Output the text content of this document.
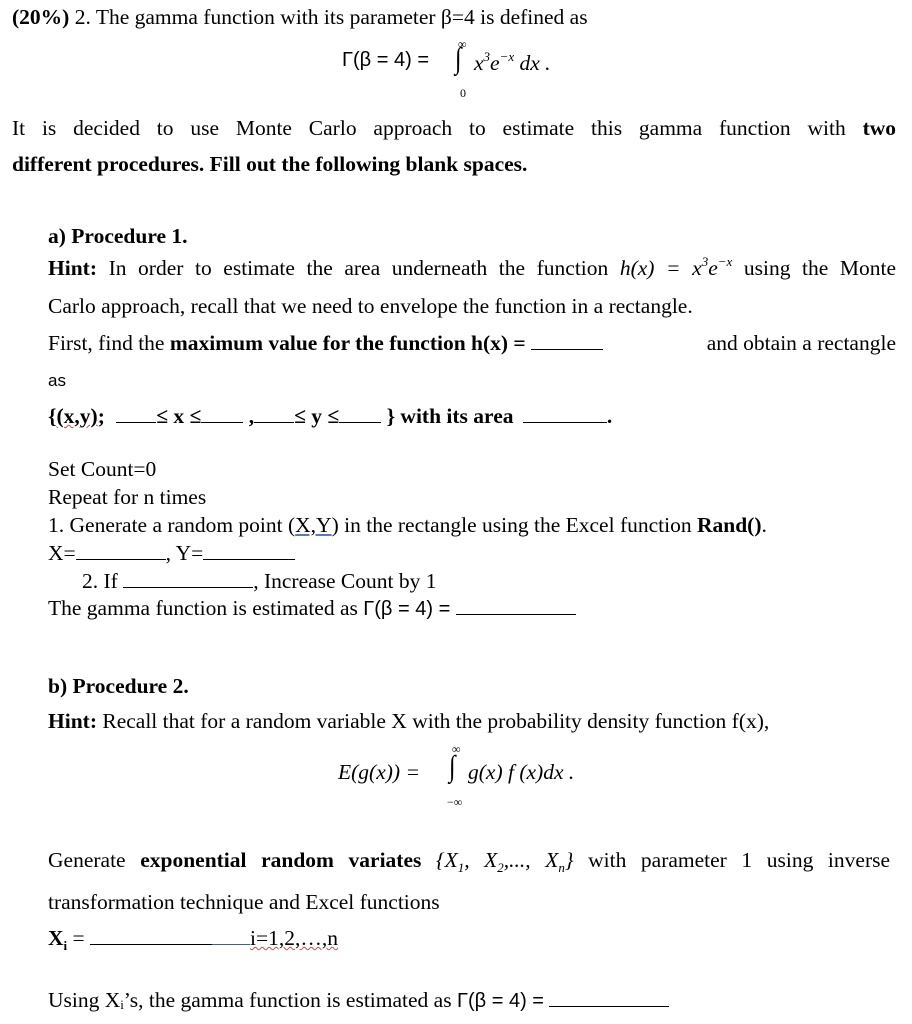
(20%) 2. The gamma function with its parameter β=4 is defined as
Γ(β = 4) =
∞
∫
0
$x^3e^{-x}$ dx .
It is decided to use Monte Carlo approach to estimate this gamma function with two
different procedures. Fill out the following blank spaces.
a) Procedure 1.
Hint: In order to estimate the area underneath the function $h(x) = x^3e^{-x}$ using the Monte
Carlo approach, recall that we need to envelope the function in a rectangle.
First, find the maximum value for the function h(x) =	and obtain a rectangle
as
{(x,y); ≤ x ≤ , ≤ y ≤ } with its area	.
Set Count=0
Repeat for n times
1. Generate a random point (X,Y) in the rectangle using the Excel function Rand().
X=	, Y=
2. If	, Increase Count by 1
The gamma function is estimated as Γ(β = 4) =
b) Procedure 2.
Hint: Recall that for a random variable X with the probability density function f(x),
E(g(x)) =
∞
∫
−∞
g(x) f (x)dx .
Generate exponential random variates {$X_1$, $X_2$,..., $X_n$} with parameter 1 using inverse
transformation technique and Excel functions
$X_i$ =	i=1,2,…,n
Using Xᵢ’s, the gamma function is estimated as Γ(β = 4) =
